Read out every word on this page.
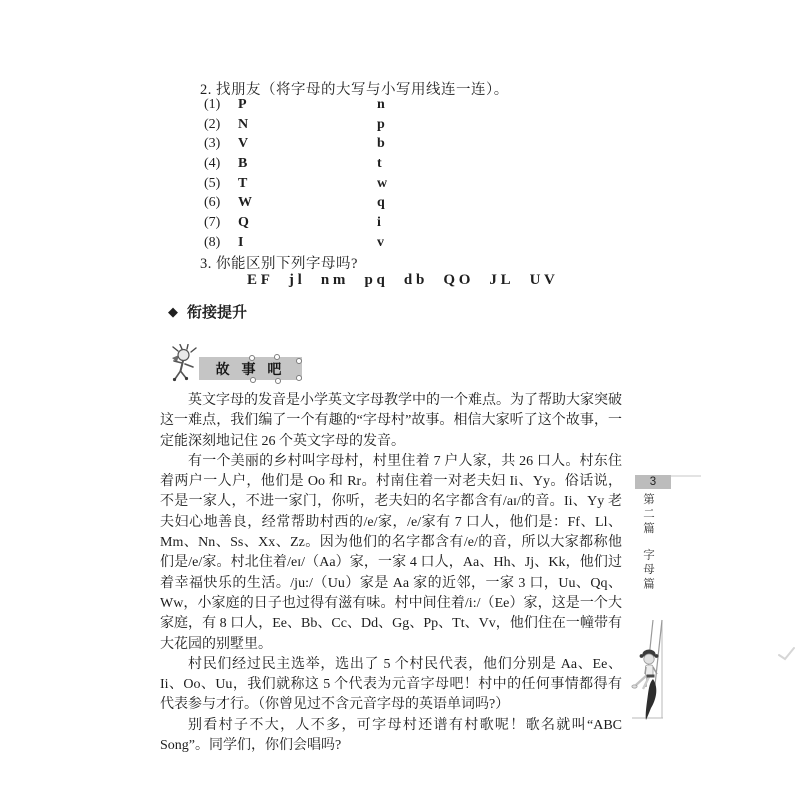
2. 找朋友（将字母的大写与小写用线连一连）。
(1)	P	n
(2)	N	p
(3)	V	b
(4)	B	t
(5)	T	w
(6)	W	q
(7)	Q	i
(8)	I	v
3. 你能区别下列字母吗?
E F j l n m p q d b Q O J L U V
◆ 衔接提升
故 事 吧

英文字母的发音是小学英文字母教学中的一个难点。为了帮助大家突破这一难点，我们编了一个有趣的“字母村”故事。相信大家听了这个故事，一定能深刻地记住 26 个英文字母的发音。

有一个美丽的乡村叫字母村，村里住着 7 户人家，共 26 口人。村东住着两户一人户，他们是 Oo 和 Rr。村南住着一对老夫妇 Ii、Yy。俗话说，不是一家人，不进一家门，你听，老夫妇的名字都含有/aɪ/的音。Ii、Yy 老夫妇心地善良，经常帮助村西的/e/家，/e/家有 7 口人，他们是：Ff、Ll、Mm、Nn、Ss、Xx、Zz。因为他们的名字都含有/e/的音，所以大家都称他们是/e/家。村北住着/eɪ/（Aa）家，一家 4 口人，Aa、Hh、Jj、Kk，他们过着幸福快乐的生活。/ju:/（Uu）家是 Aa 家的近邻，一家 3 口，Uu、Qq、Ww，小家庭的日子也过得有滋有味。村中间住着/i:/（Ee）家，这是一个大家庭，有 8 口人，Ee、Bb、Cc、Dd、Gg、Pp、Tt、Vv，他们住在一幢带有大花园的别墅里。

村民们经过民主选举，选出了 5 个村民代表，他们分别是 Aa、Ee、Ii、Oo、Uu，我们就称这 5 个代表为元音字母吧！村中的任何事情都得有代表参与才行。（你曾见过不含元音字母的英语单词吗?）

别看村子不大，人不多，可字母村还谱有村歌呢！歌名就叫“ABC Song”。同学们，你们会唱吗?

3
第二篇字母篇
